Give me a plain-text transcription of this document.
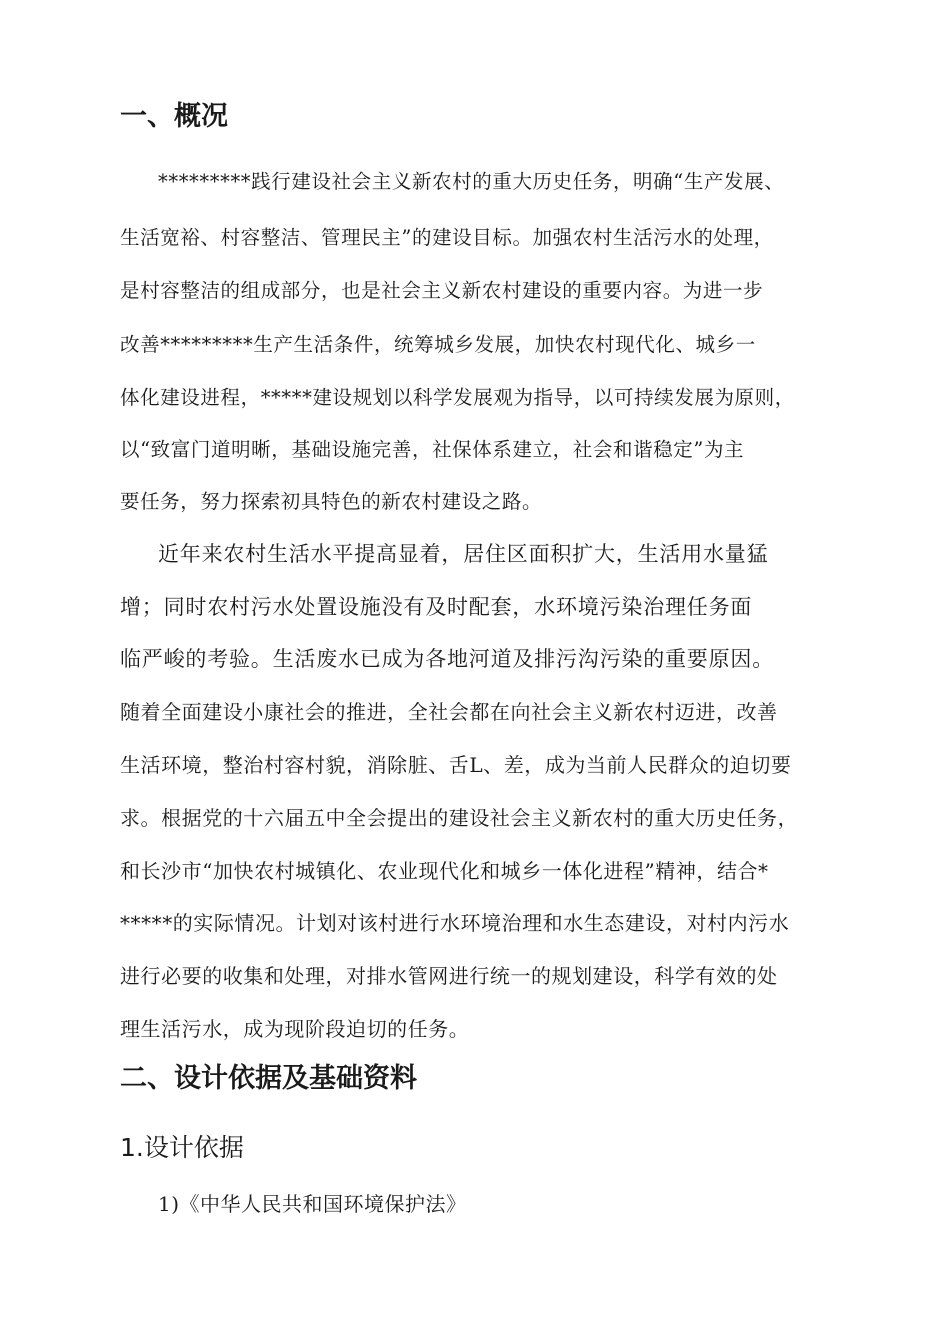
一、概况

*********践行建设社会主义新农村的重大历史任务，明确“生产发展、

生活宽裕、村容整洁、管理民主”的建设目标。加强农村生活污水的处理，

是村容整洁的组成部分，也是社会主义新农村建设的重要内容。为进一步

改善*********生产生活条件，统筹城乡发展，加快农村现代化、城乡一

体化建设进程，*****建设规划以科学发展观为指导，以可持续发展为原则，

以“致富门道明晰，基础设施完善，社保体系建立，社会和谐稳定”为主

要任务，努力探索初具特色的新农村建设之路。

近年来农村生活水平提高显着，居住区面积扩大，生活用水量猛

增；同时农村污水处置设施没有及时配套，水环境污染治理任务面

临严峻的考验。生活废水已成为各地河道及排污沟污染的重要原因。

随着全面建设小康社会的推进，全社会都在向社会主义新农村迈进，改善

生活环境，整治村容村貌，消除脏、舌L、差，成为当前人民群众的迫切要

求。根据党的十六届五中全会提出的建设社会主义新农村的重大历史任务，

和长沙市“加快农村城镇化、农业现代化和城乡一体化进程”精神，结合*

*****的实际情况。计划对该村进行水环境治理和水生态建设，对村内污水

进行必要的收集和处理，对排水管网进行统一的规划建设，科学有效的处

理生活污水，成为现阶段迫切的任务。

二、设计依据及基础资料
1.设计依据

1)《中华人民共和国环境保护法》
